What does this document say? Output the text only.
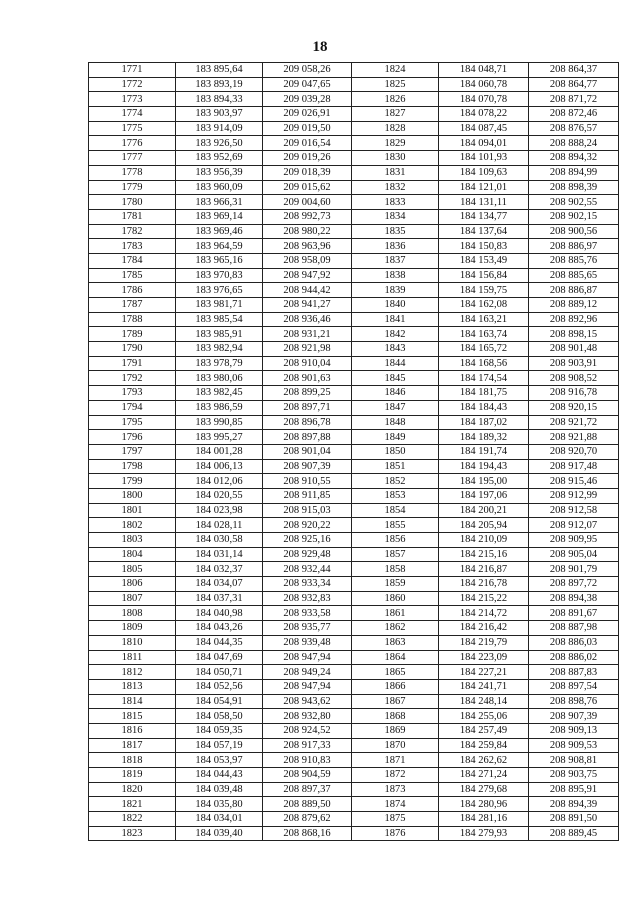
18
1771	183 895,64	209 058,26	1824	184 048,71	208 864,37
1772	183 893,19	209 047,65	1825	184 060,78	208 864,77
1773	183 894,33	209 039,28	1826	184 070,78	208 871,72
1774	183 903,97	209 026,91	1827	184 078,22	208 872,46
1775	183 914,09	209 019,50	1828	184 087,45	208 876,57
1776	183 926,50	209 016,54	1829	184 094,01	208 888,24
1777	183 952,69	209 019,26	1830	184 101,93	208 894,32
1778	183 956,39	209 018,39	1831	184 109,63	208 894,99
1779	183 960,09	209 015,62	1832	184 121,01	208 898,39
1780	183 966,31	209 004,60	1833	184 131,11	208 902,55
1781	183 969,14	208 992,73	1834	184 134,77	208 902,15
1782	183 969,46	208 980,22	1835	184 137,64	208 900,56
1783	183 964,59	208 963,96	1836	184 150,83	208 886,97
1784	183 965,16	208 958,09	1837	184 153,49	208 885,76
1785	183 970,83	208 947,92	1838	184 156,84	208 885,65
1786	183 976,65	208 944,42	1839	184 159,75	208 886,87
1787	183 981,71	208 941,27	1840	184 162,08	208 889,12
1788	183 985,54	208 936,46	1841	184 163,21	208 892,96
1789	183 985,91	208 931,21	1842	184 163,74	208 898,15
1790	183 982,94	208 921,98	1843	184 165,72	208 901,48
1791	183 978,79	208 910,04	1844	184 168,56	208 903,91
1792	183 980,06	208 901,63	1845	184 174,54	208 908,52
1793	183 982,45	208 899,25	1846	184 181,75	208 916,78
1794	183 986,59	208 897,71	1847	184 184,43	208 920,15
1795	183 990,85	208 896,78	1848	184 187,02	208 921,72
1796	183 995,27	208 897,88	1849	184 189,32	208 921,88
1797	184 001,28	208 901,04	1850	184 191,74	208 920,70
1798	184 006,13	208 907,39	1851	184 194,43	208 917,48
1799	184 012,06	208 910,55	1852	184 195,00	208 915,46
1800	184 020,55	208 911,85	1853	184 197,06	208 912,99
1801	184 023,98	208 915,03	1854	184 200,21	208 912,58
1802	184 028,11	208 920,22	1855	184 205,94	208 912,07
1803	184 030,58	208 925,16	1856	184 210,09	208 909,95
1804	184 031,14	208 929,48	1857	184 215,16	208 905,04
1805	184 032,37	208 932,44	1858	184 216,87	208 901,79
1806	184 034,07	208 933,34	1859	184 216,78	208 897,72
1807	184 037,31	208 932,83	1860	184 215,22	208 894,38
1808	184 040,98	208 933,58	1861	184 214,72	208 891,67
1809	184 043,26	208 935,77	1862	184 216,42	208 887,98
1810	184 044,35	208 939,48	1863	184 219,79	208 886,03
1811	184 047,69	208 947,94	1864	184 223,09	208 886,02
1812	184 050,71	208 949,24	1865	184 227,21	208 887,83
1813	184 052,56	208 947,94	1866	184 241,71	208 897,54
1814	184 054,91	208 943,62	1867	184 248,14	208 898,76
1815	184 058,50	208 932,80	1868	184 255,06	208 907,39
1816	184 059,35	208 924,52	1869	184 257,49	208 909,13
1817	184 057,19	208 917,33	1870	184 259,84	208 909,53
1818	184 053,97	208 910,83	1871	184 262,62	208 908,81
1819	184 044,43	208 904,59	1872	184 271,24	208 903,75
1820	184 039,48	208 897,37	1873	184 279,68	208 895,91
1821	184 035,80	208 889,50	1874	184 280,96	208 894,39
1822	184 034,01	208 879,62	1875	184 281,16	208 891,50
1823	184 039,40	208 868,16	1876	184 279,93	208 889,45
